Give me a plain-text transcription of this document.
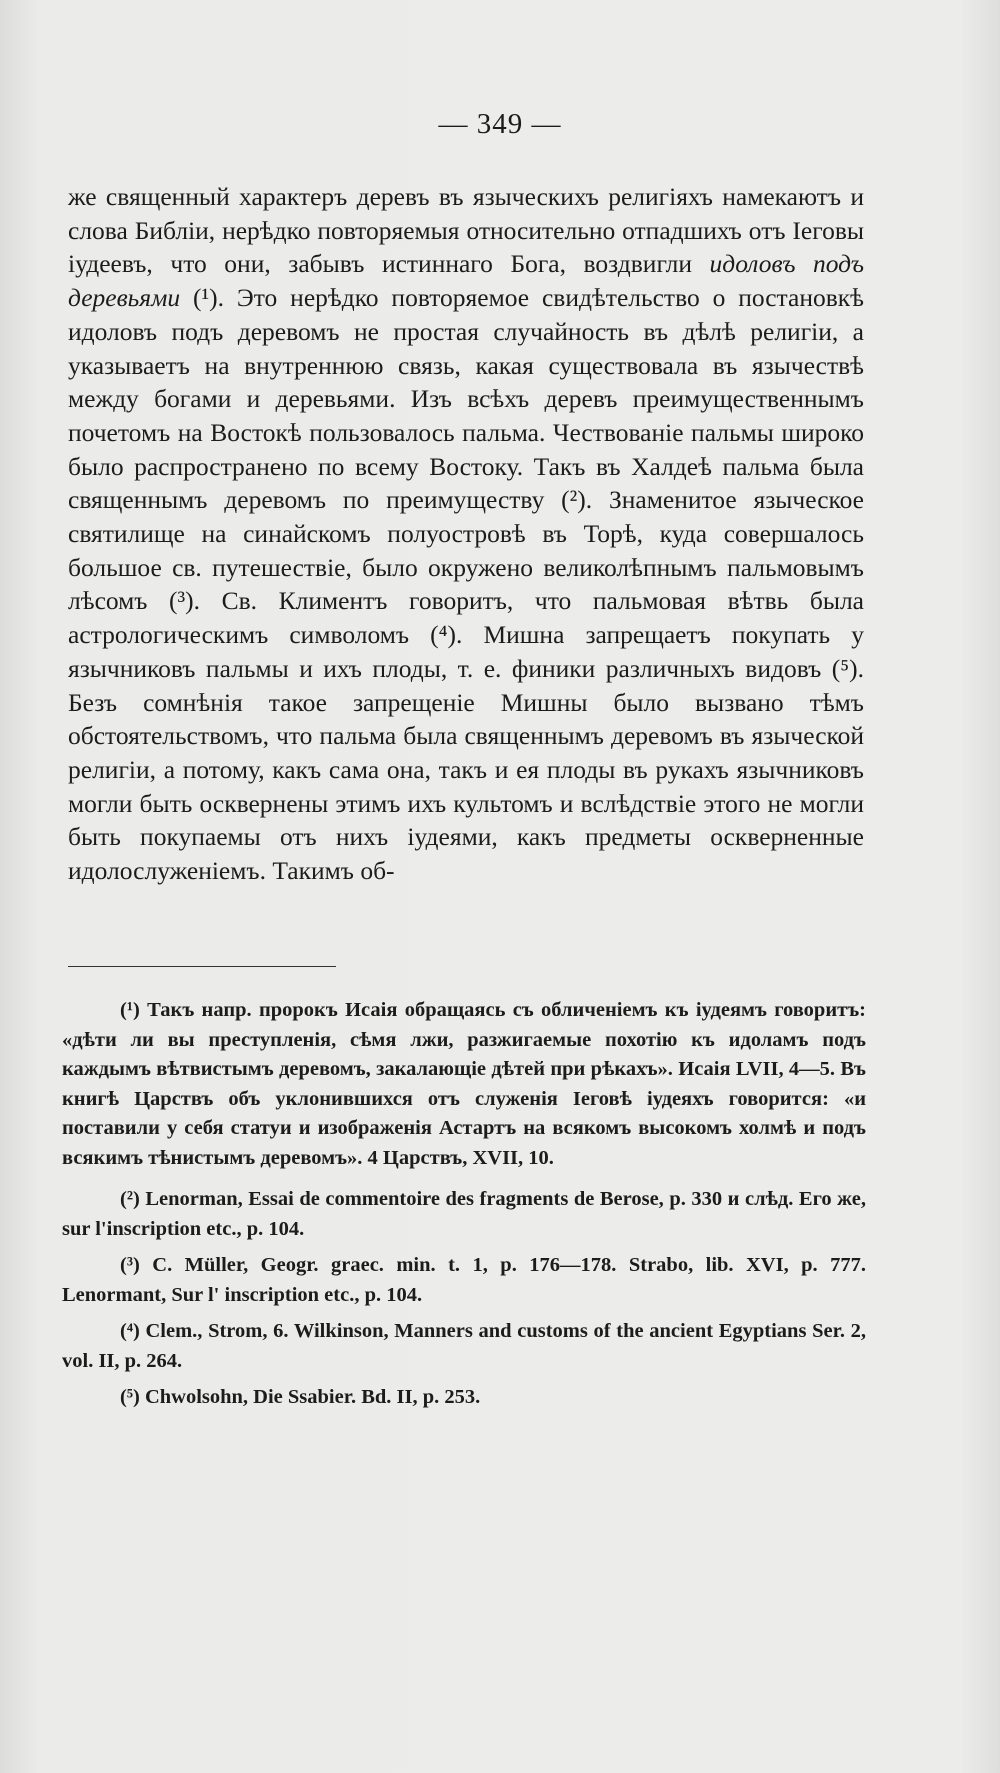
— 349 —

же священный характеръ деревъ въ языческихъ религіяхъ намекаютъ и слова Библіи, нерѣдко повторяемыя относительно отпадшихъ отъ Іеговы іудеевъ, что они, забывъ истиннаго Бога, воздвигли идоловъ подъ деревьями (¹). Это нерѣдко повторяемое свидѣтельство о постановкѣ идоловъ подъ деревомъ не простая случайность въ дѣлѣ религіи, а указываетъ на внутреннюю связь, какая существовала въ язычествѣ между богами и деревьями. Изъ всѣхъ деревъ преимущественнымъ почетомъ на Востокѣ пользовалось пальма. Чествованіе пальмы широко было распространено по всему Востоку. Такъ въ Халдеѣ пальма была священнымъ деревомъ по преимуществу (²). Знаменитое языческое святилище на синайскомъ полуостровѣ въ Торѣ, куда совершалось большое св. путешествіе, было окружено великолѣпнымъ пальмовымъ лѣсомъ (³). Св. Климентъ говоритъ, что пальмовая вѣтвь была астрологическимъ символомъ (⁴). Мишна запрещаетъ покупать у язычниковъ пальмы и ихъ плоды, т. е. финики различныхъ видовъ (⁵). Безъ сомнѣнія такое запрещеніе Мишны было вызвано тѣмъ обстоятельствомъ, что пальма была священнымъ деревомъ въ языческой религіи, а потому, какъ сама она, такъ и ея плоды въ рукахъ язычниковъ могли быть осквернены этимъ ихъ культомъ и вслѣдствіе этого не могли быть покупаемы отъ нихъ іудеями, какъ предметы оскверненные идолослуженіемъ. Такимъ об-

(¹) Такъ напр. пророкъ Исаія обращаясь съ обличеніемъ къ іудеямъ говоритъ: «дѣти ли вы преступленія, сѣмя лжи, разжигаемые похотію къ идоламъ подъ каждымъ вѣтвистымъ деревомъ, закалающіе дѣтей при рѣкахъ». Исаія LVII, 4—5. Въ книгѣ Царствъ объ уклонившихся отъ служенія Іеговѣ іудеяхъ говорится: «и поставили у себя статуи и изображенія Астартъ на всякомъ высокомъ холмѣ и подъ всякимъ тѣнистымъ деревомъ». 4 Царствъ, XVII, 10.

(²) Lenorman, Essai de commentoire des fragments de Berose, p. 330 и слѣд. Его же, sur l'inscription etc., p. 104.

(³) C. Müller, Geogr. graec. min. t. 1, p. 176—178. Strabo, lib. XVI, p. 777. Lenormant, Sur l' inscription etc., p. 104.

(⁴) Clem., Strom, 6. Wilkinson, Manners and customs of the ancient Egyptians Ser. 2, vol. II, p. 264.

(⁵) Chwolsohn, Die Ssabier. Bd. II, p. 253.
